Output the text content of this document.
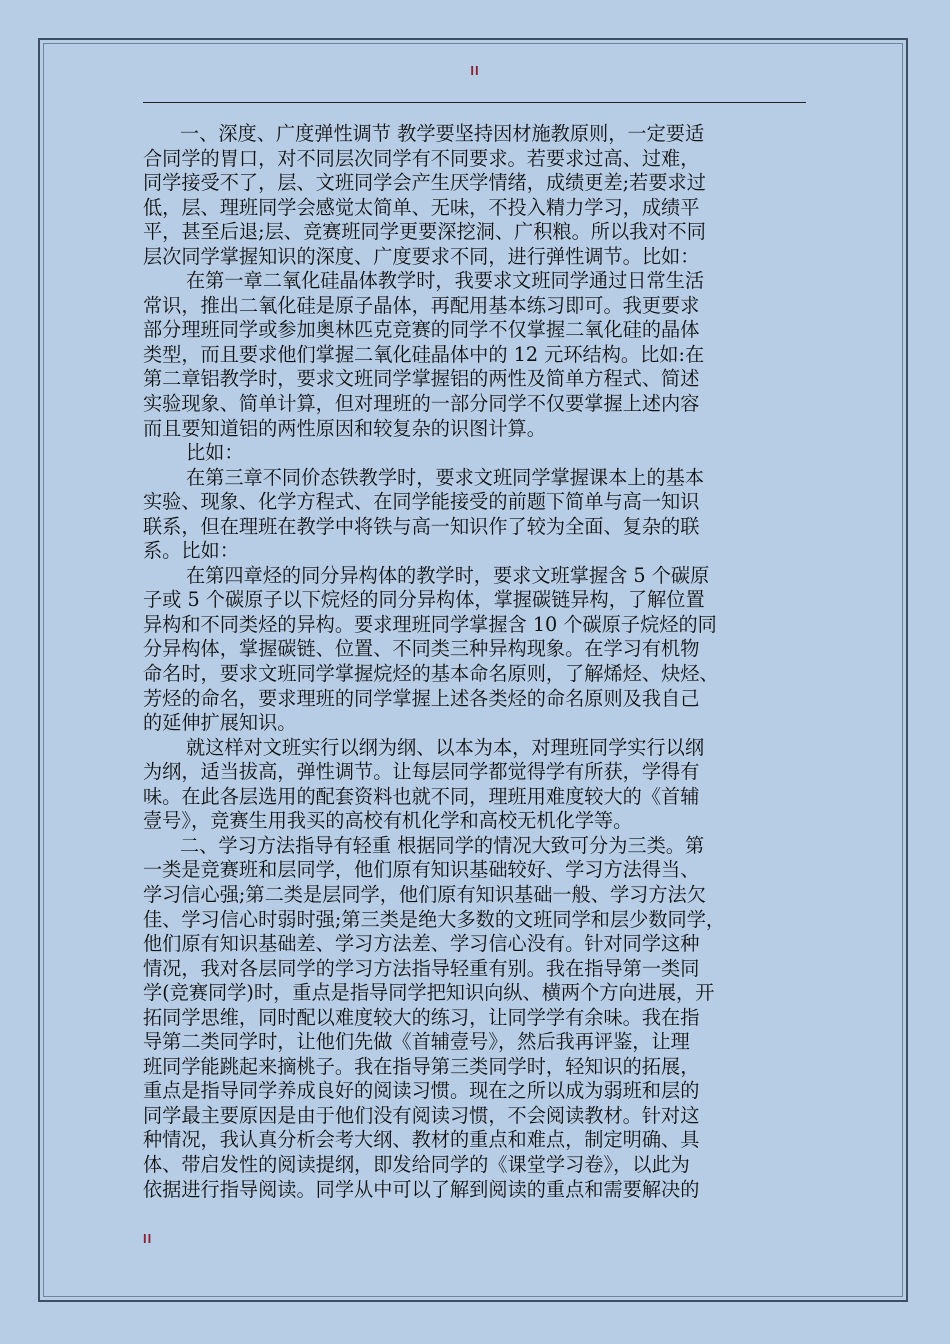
II
一、深度、广度弹性调节 教学要坚持因材施教原则，一定要适
合同学的胃口，对不同层次同学有不同要求。若要求过高、过难，
同学接受不了，层、文班同学会产生厌学情绪，成绩更差;若要求过
低，层、理班同学会感觉太简单、无味，不投入精力学习，成绩平
平，甚至后退;层、竞赛班同学更要深挖洞、广积粮。所以我对不同
层次同学掌握知识的深度、广度要求不同，进行弹性调节。比如：
在第一章二氧化硅晶体教学时，我要求文班同学通过日常生活
常识，推出二氧化硅是原子晶体，再配用基本练习即可。我更要求
部分理班同学或参加奥林匹克竞赛的同学不仅掌握二氧化硅的晶体
类型，而且要求他们掌握二氧化硅晶体中的 12 元环结构。比如:在
第二章铝教学时，要求文班同学掌握铝的两性及简单方程式、简述
实验现象、简单计算，但对理班的一部分同学不仅要掌握上述内容
而且要知道铝的两性原因和较复杂的识图计算。
比如：
在第三章不同价态铁教学时，要求文班同学掌握课本上的基本
实验、现象、化学方程式、在同学能接受的前题下简单与高一知识
联系，但在理班在教学中将铁与高一知识作了较为全面、复杂的联
系。比如：
在第四章烃的同分异构体的教学时，要求文班掌握含 5 个碳原
子或 5 个碳原子以下烷烃的同分异构体，掌握碳链异构，了解位置
异构和不同类烃的异构。要求理班同学掌握含 10 个碳原子烷烃的同
分异构体，掌握碳链、位置、不同类三种异构现象。在学习有机物
命名时，要求文班同学掌握烷烃的基本命名原则，了解烯烃、炔烃、
芳烃的命名，要求理班的同学掌握上述各类烃的命名原则及我自己
的延伸扩展知识。
就这样对文班实行以纲为纲、以本为本，对理班同学实行以纲
为纲，适当拔高，弹性调节。让每层同学都觉得学有所获，学得有
味。在此各层选用的配套资料也就不同，理班用难度较大的《首辅
壹号》，竞赛生用我买的高校有机化学和高校无机化学等。
二、学习方法指导有轻重 根据同学的情况大致可分为三类。第
一类是竞赛班和层同学，他们原有知识基础较好、学习方法得当、
学习信心强;第二类是层同学，他们原有知识基础一般、学习方法欠
佳、学习信心时弱时强;第三类是绝大多数的文班同学和层少数同学，
他们原有知识基础差、学习方法差、学习信心没有。针对同学这种
情况，我对各层同学的学习方法指导轻重有别。我在指导第一类同
学(竞赛同学)时，重点是指导同学把知识向纵、横两个方向进展，开
拓同学思维，同时配以难度较大的练习，让同学学有余味。我在指
导第二类同学时，让他们先做《首辅壹号》，然后我再评鉴，让理
班同学能跳起来摘桃子。我在指导第三类同学时，轻知识的拓展，
重点是指导同学养成良好的阅读习惯。现在之所以成为弱班和层的
同学最主要原因是由于他们没有阅读习惯，不会阅读教材。针对这
种情况，我认真分析会考大纲、教材的重点和难点，制定明确、具
体、带启发性的阅读提纲，即发给同学的《课堂学习卷》，以此为
依据进行指导阅读。同学从中可以了解到阅读的重点和需要解决的
II
